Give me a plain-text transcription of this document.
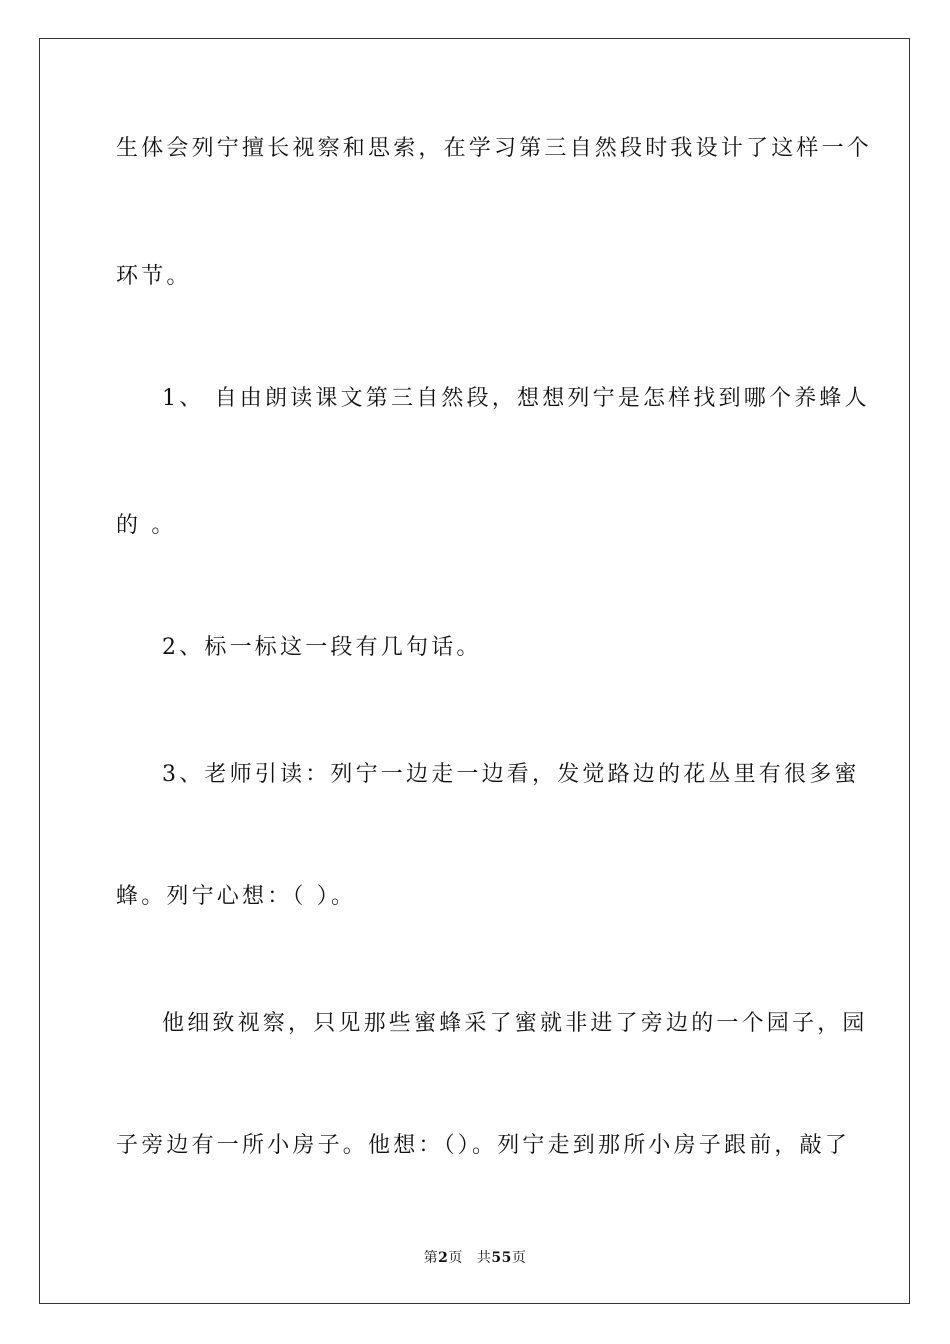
生体会列宁擅长视察和思索，在学习第三自然段时我设计了这样一个
环节。
1、 自由朗读课文第三自然段，想想列宁是怎样找到哪个养蜂人
的 。
2、标一标这一段有几句话。
3、老师引读：列宁一边走一边看，发觉路边的花丛里有很多蜜
蜂。列宁心想：（ ）。
他细致视察，只见那些蜜蜂采了蜜就非进了旁边的一个园子，园
子旁边有一所小房子。他想：（）。列宁走到那所小房子跟前，敲了
第2页 共55页
